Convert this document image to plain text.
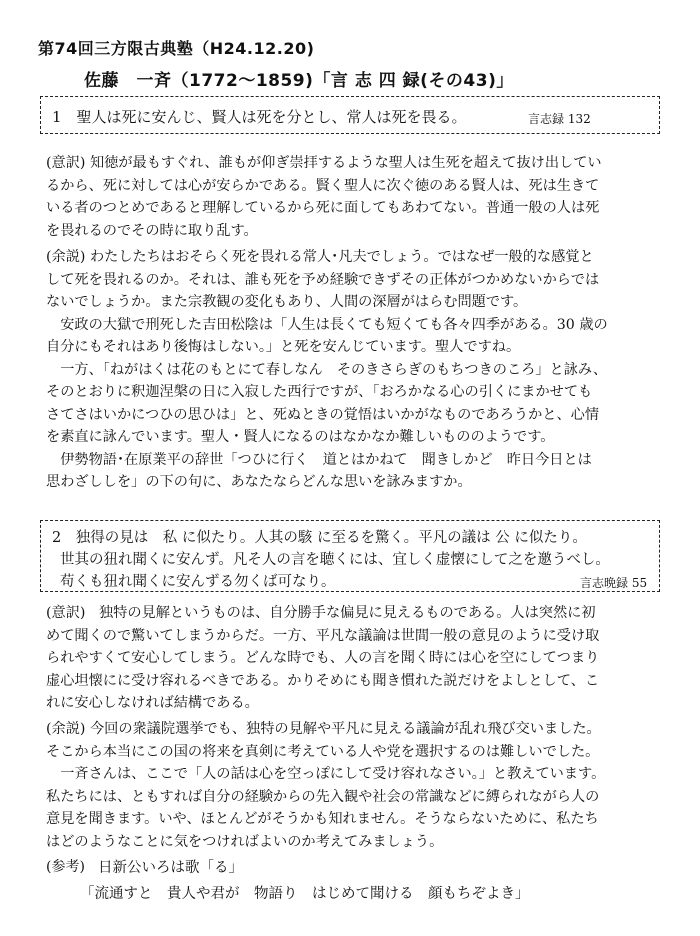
第74回三方限古典塾（H24.12.20)
佐藤　一斉（1772～1859)「言 志 四 録(その43)」
1　聖人は死に安んじ、賢人は死を分とし、常人は死を畏る。	言志録 132
(意訳) 知徳が最もすぐれ、誰もが仰ぎ崇拝するような聖人は生死を超えて抜け出してい
るから、死に対しては心が安らかである。賢く聖人に次ぐ徳のある賢人は、死は生きて
いる者のつとめであると理解しているから死に面してもあわてない。普通一般の人は死
を畏れるのでその時に取り乱す。
(余説) わたしたちはおそらく死を畏れる常人･凡夫でしょう。ではなぜ一般的な感覚と
して死を畏れるのか。それは、誰も死を予め経験できずその正体がつかめないからでは
ないでしょうか。また宗教観の変化もあり、人間の深層がはらむ問題です。
　安政の大獄で刑死した吉田松陰は「人生は長くても短くても各々四季がある。30 歳の
自分にもそれはあり後悔はしない。」と死を安んじています。聖人ですね。
　一方、「ねがはくは花のもとにて春しなん　そのきさらぎのもちつきのころ」と詠み、
そのとおりに釈迦涅槃の日に入寂した西行ですが、「おろかなる心の引くにまかせても
さてさはいかにつひの思ひは」と、死ぬときの覚悟はいかがなものであろうかと、心情
を素直に詠んでいます。聖人・賢人になるのはなかなか難しいもののようです。
　伊勢物語･在原業平の辞世「つひに行く　道とはかねて　聞きしかど　昨日今日とは
思わざししを」の下の句に、あなたならどんな思いを詠みますか。
2　独得の見は　私 に似たり。人其の駭 に至るを驚く。平凡の議は 公 に似たり。
世其の狃れ聞くに安んず。凡そ人の言を聴くには、宜しく虚懐にして之を邀うべし。
苟くも狃れ聞くに安んずる勿くば可なり。	言志晩録 55
(意訳) 独特の見解というものは、自分勝手な偏見に見えるものである。人は突然に初
めて聞くので驚いてしまうからだ。一方、平凡な議論は世間一般の意見のように受け取
られやすくて安心してしまう。どんな時でも、人の言を聞く時には心を空にしてつまり
虚心坦懐にに受け容れるべきである。かりそめにも聞き慣れた説だけをよしとして、こ
れに安心しなければ結構である。
(余説) 今回の衆議院選挙でも、独特の見解や平凡に見える議論が乱れ飛び交いました。
そこから本当にこの国の将来を真剣に考えている人や党を選択するのは難しいでした。
　一斉さんは、ここで「人の話は心を空っぽにして受け容れなさい。」と教えています。
私たちには、ともすれば自分の経験からの先入観や社会の常識などに縛られながら人の
意見を聞きます。いや、ほとんどがそうかも知れません。そうならないために、私たち
はどのようなことに気をつければよいのか考えてみましょう。
(参考) 日新公いろは歌「る」
「流通すと　貴人や君が　物語り　はじめて聞ける　顔もちぞよき」
